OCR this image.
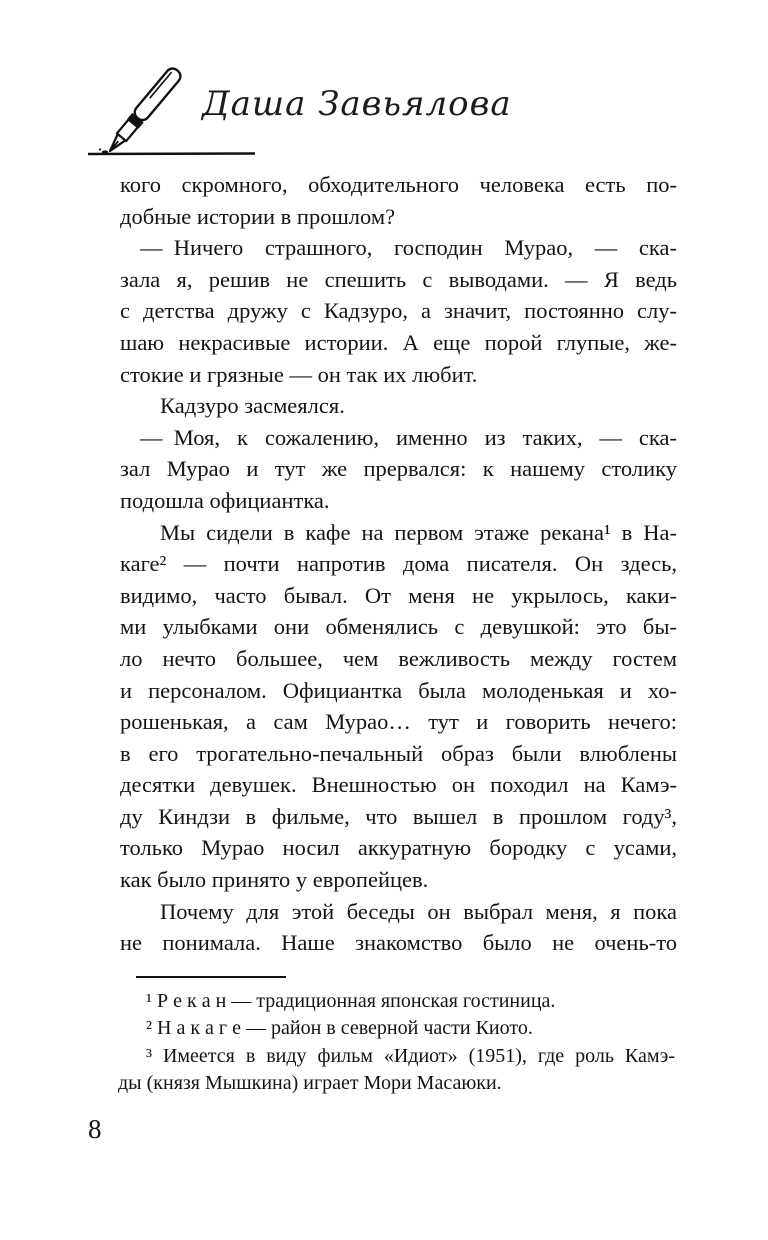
Даша Завьялова
кого скромного, обходительного человека есть по-
добные истории в прошлом?
— Ничего страшного, господин Мурао, — ска-
зала я, решив не спешить с выводами. — Я ведь
с детства дружу с Кадзуро, а значит, постоянно слу-
шаю некрасивые истории. А еще порой глупые, же-
стокие и грязные — он так их любит.
Кадзуро засмеялся.
— Моя, к сожалению, именно из таких, — ска-
зал Мурао и тут же прервался: к нашему столику
подошла официантка.
Мы сидели в кафе на первом этаже рекана¹ в На-
каге² — почти напротив дома писателя. Он здесь,
видимо, часто бывал. От меня не укрылось, каки-
ми улыбками они обменялись с девушкой: это бы-
ло нечто большее, чем вежливость между гостем
и персоналом. Официантка была молоденькая и хо-
рошенькая, а сам Мурао… тут и говорить нечего:
в его трогательно-печальный образ были влюблены
десятки девушек. Внешностью он походил на Камэ-
ду Киндзи в фильме, что вышел в прошлом году³,
только Мурао носил аккуратную бородку с усами,
как было принято у европейцев.
Почему для этой беседы он выбрал меня, я пока
не понимала. Наше знакомство было не очень-то
¹ Р е к а н — традиционная японская гостиница.
² Н а к а г е — район в северной части Киото.
³ Имеется в виду фильм «Идиот» (1951), где роль Камэ-
ды (князя Мышкина) играет Мори Масаюки.
8
